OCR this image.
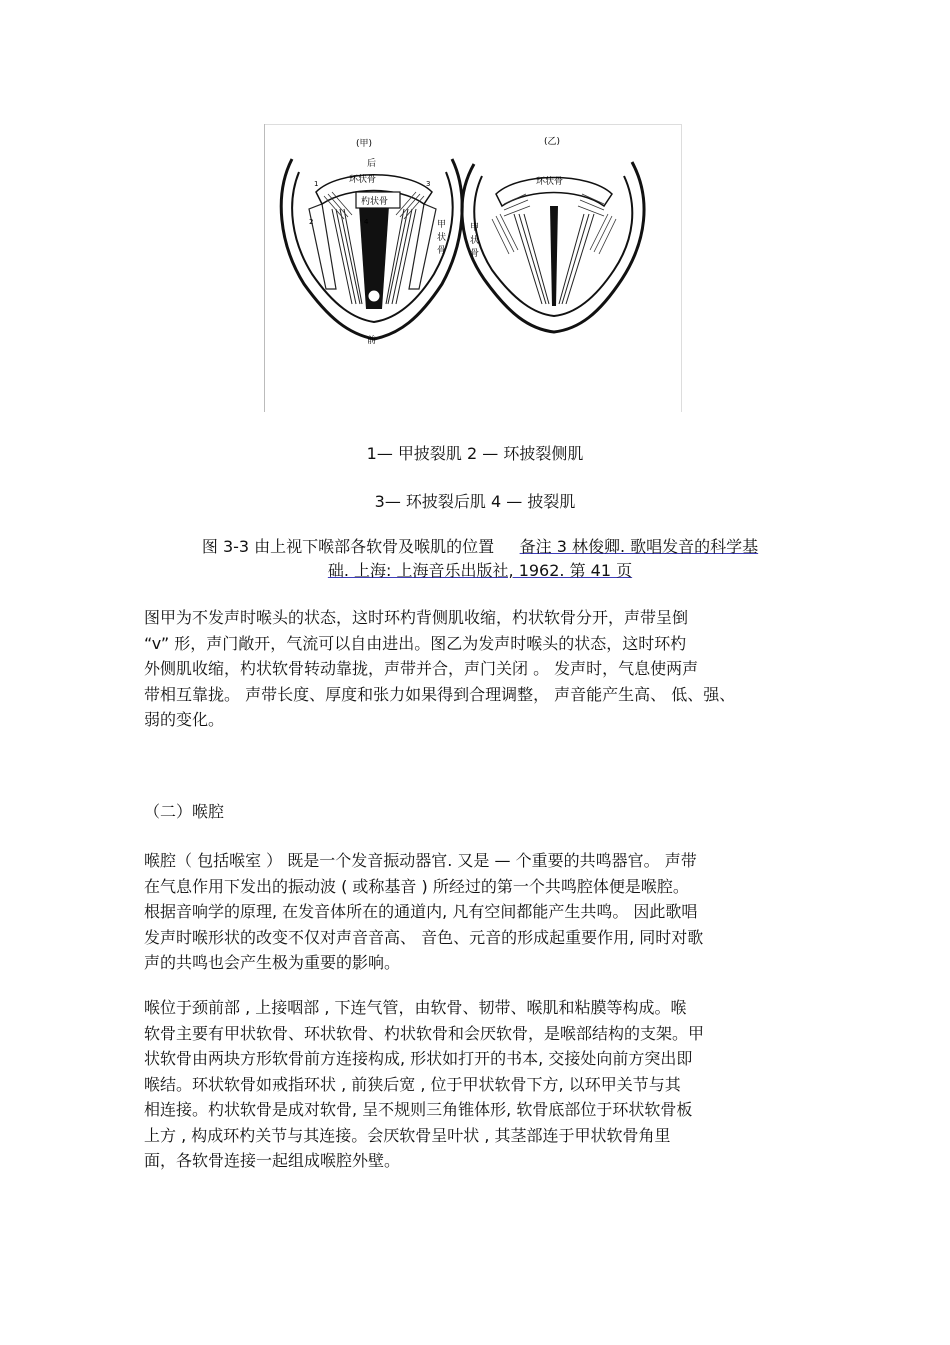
(甲)
后
环状骨
杓状骨
前
甲
状
骨
1
2
3
4
(乙)
环状骨
甲
状
骨
1— 甲披裂肌 2 — 环披裂侧肌
3— 环披裂后肌 4 — 披裂肌
图 3-3 由上视下喉部各软骨及喉肌的位置 备注 3 林俊卿. 歌唱发音的科学基
础. 上海: 上海音乐出版社, 1962. 第 41 页
图甲为不发声时喉头的状态，这时环杓背侧肌收缩，杓状软骨分开，声带呈倒
“v” 形，声门敞开，气流可以自由进出。图乙为发声时喉头的状态，这时环杓
外侧肌收缩，杓状软骨转动靠拢，声带并合，声门关闭 。 发声时，气息使两声
带相互靠拢。 声带长度、厚度和张力如果得到合理调整， 声音能产生高、 低、强、
弱的变化。
（二）喉腔
喉腔（ 包括喉室 ） 既是一个发音振动器官. 又是 — 个重要的共鸣器官。 声带
在气息作用下发出的振动波 ( 或称基音 ) 所经过的第一个共鸣腔体便是喉腔。
根据音响学的原理, 在发音体所在的通道内, 凡有空间都能产生共鸣。 因此歌唱
发声时喉形状的改变不仅对声音音高、 音色、元音的形成起重要作用, 同时对歌
声的共鸣也会产生极为重要的影响。
喉位于颈前部 , 上接咽部 , 下连气管，由软骨、韧带、喉肌和粘膜等构成。喉
软骨主要有甲状软骨、环状软骨、杓状软骨和会厌软骨，是喉部结构的支架。甲
状软骨由两块方形软骨前方连接构成, 形状如打开的书本, 交接处向前方突出即
喉结。环状软骨如戒指环状 , 前狭后宽 , 位于甲状软骨下方, 以环甲关节与其
相连接。杓状软骨是成对软骨, 呈不规则三角锥体形, 软骨底部位于环状软骨板
上方 , 构成环杓关节与其连接。会厌软骨呈叶状 , 其茎部连于甲状软骨角里
面，各软骨连接一起组成喉腔外壁。
